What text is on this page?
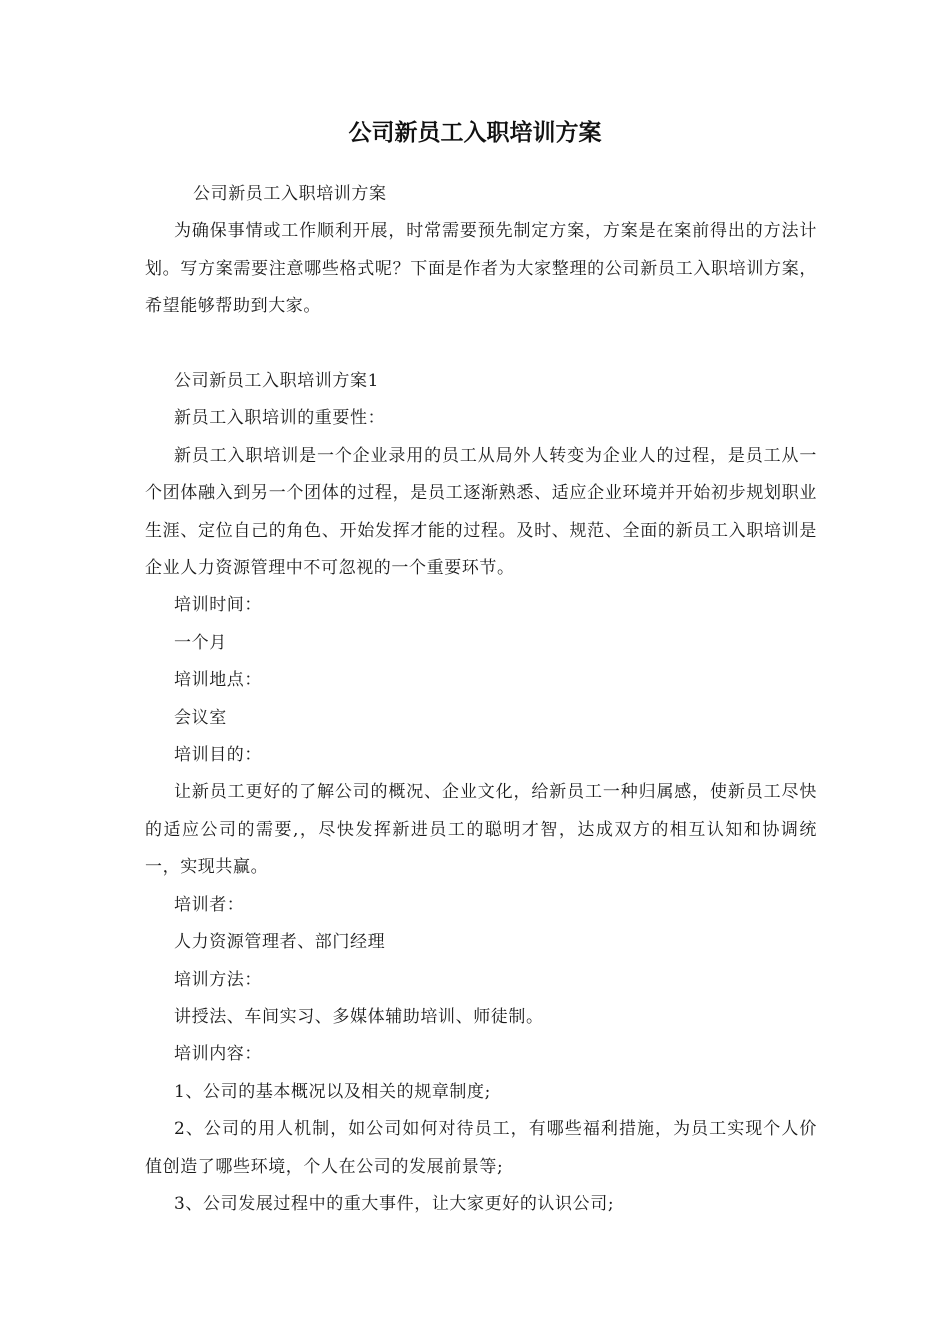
公司新员工入职培训方案

公司新员工入职培训方案

为确保事情或工作顺利开展，时常需要预先制定方案，方案是在案前得出的方法计划。写方案需要注意哪些格式呢？下面是作者为大家整理的公司新员工入职培训方案，希望能够帮助到大家。

公司新员工入职培训方案1

新员工入职培训的重要性：

新员工入职培训是一个企业录用的员工从局外人转变为企业人的过程，是员工从一个团体融入到另一个团体的过程，是员工逐渐熟悉、适应企业环境并开始初步规划职业生涯、定位自己的角色、开始发挥才能的过程。及时、规范、全面的新员工入职培训是企业人力资源管理中不可忽视的一个重要环节。

培训时间：

一个月

培训地点：

会议室

培训目的：

让新员工更好的了解公司的概况、企业文化，给新员工一种归属感，使新员工尽快的适应公司的需要,，尽快发挥新进员工的聪明才智，达成双方的相互认知和协调统一，实现共赢。

培训者：

人力资源管理者、部门经理

培训方法：

讲授法、车间实习、多媒体辅助培训、师徒制。

培训内容：

1、公司的基本概况以及相关的规章制度;

2、公司的用人机制，如公司如何对待员工，有哪些福利措施，为员工实现个人价值创造了哪些环境，个人在公司的发展前景等;

3、公司发展过程中的重大事件，让大家更好的认识公司;
